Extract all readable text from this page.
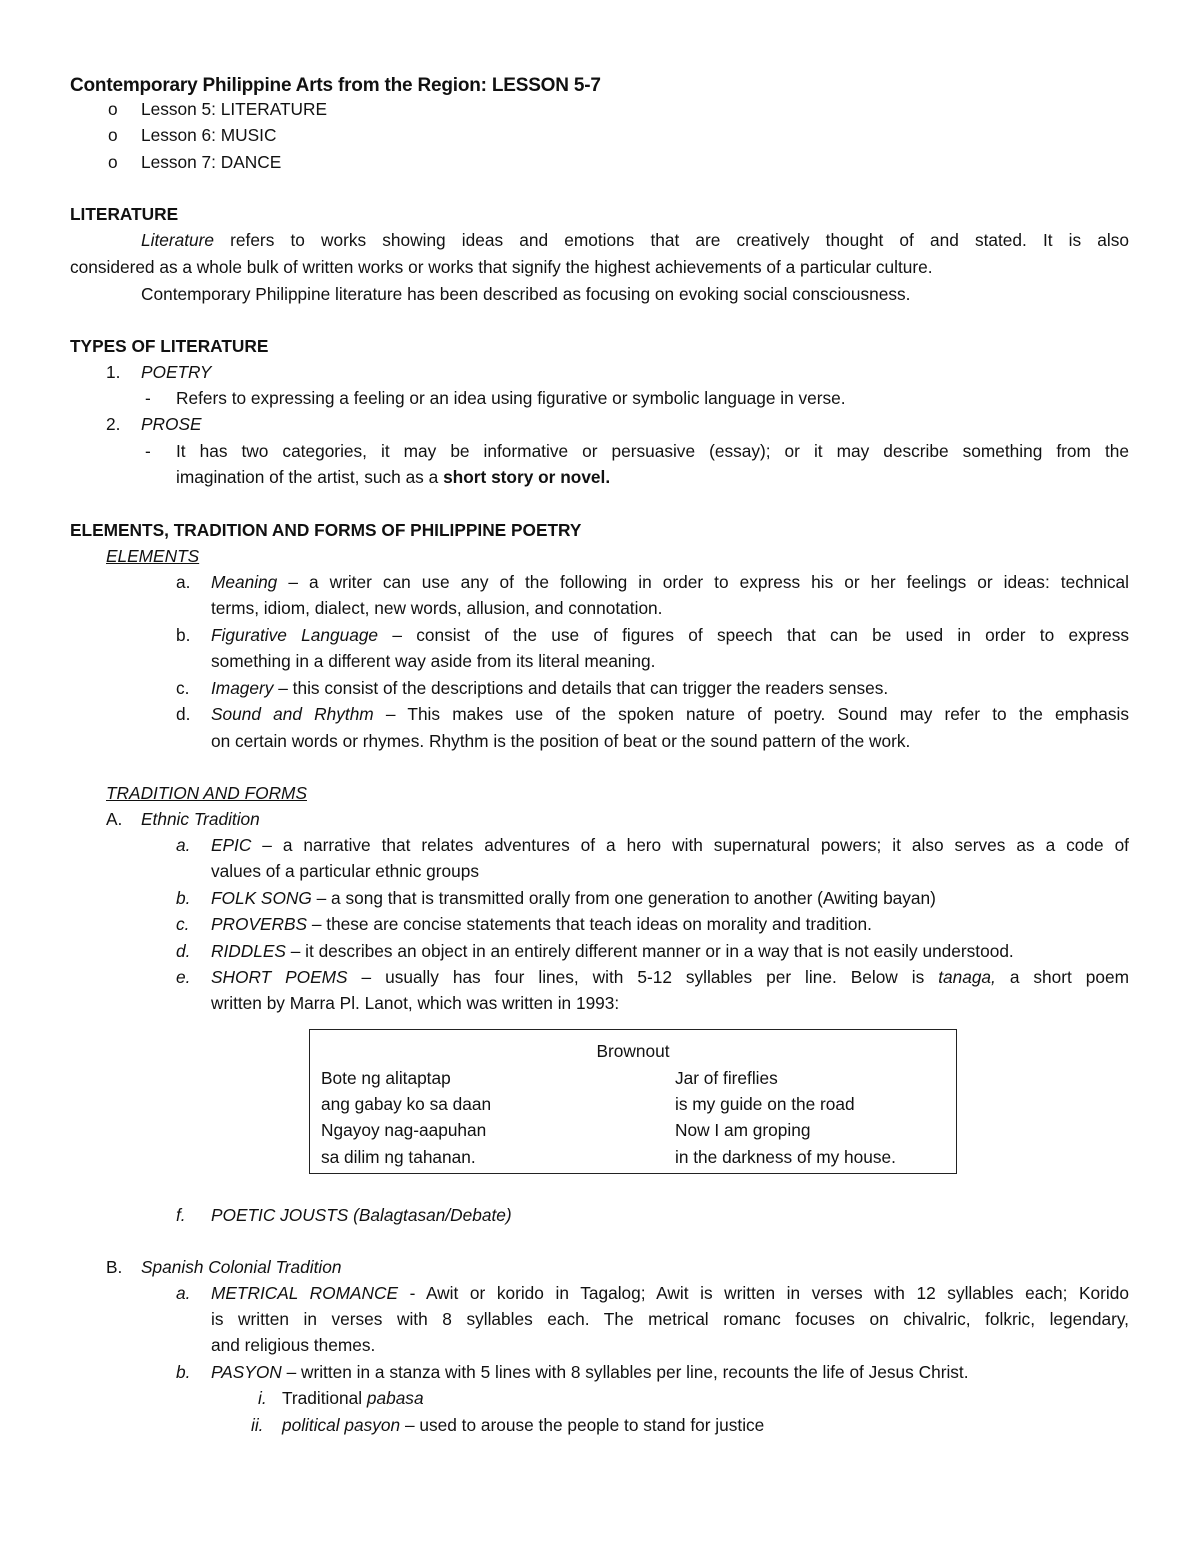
Contemporary Philippine Arts from the Region: LESSON 5-7
o Lesson 5: LITERATURE
o Lesson 6: MUSIC
o Lesson 7: DANCE
LITERATURE
Literature refers to works showing ideas and emotions that are creatively thought of and stated. It is also
considered as a whole bulk of written works or works that signify the highest achievements of a particular culture.
Contemporary Philippine literature has been described as focusing on evoking social consciousness.
TYPES OF LITERATURE
1. POETRY
- Refers to expressing a feeling or an idea using figurative or symbolic language in verse.
2. PROSE
- It has two categories, it may be informative or persuasive (essay); or it may describe something from the
imagination of the artist, such as a short story or novel.
ELEMENTS, TRADITION AND FORMS OF PHILIPPINE POETRY
ELEMENTS
a. Meaning – a writer can use any of the following in order to express his or her feelings or ideas: technical
terms, idiom, dialect, new words, allusion, and connotation.
b. Figurative Language – consist of the use of figures of speech that can be used in order to express
something in a different way aside from its literal meaning.
c. Imagery – this consist of the descriptions and details that can trigger the readers senses.
d. Sound and Rhythm – This makes use of the spoken nature of poetry. Sound may refer to the emphasis
on certain words or rhymes. Rhythm is the position of beat or the sound pattern of the work.
TRADITION AND FORMS
A. Ethnic Tradition
a. EPIC – a narrative that relates adventures of a hero with supernatural powers; it also serves as a code of
values of a particular ethnic groups
b. FOLK SONG – a song that is transmitted orally from one generation to another (Awiting bayan)
c. PROVERBS – these are concise statements that teach ideas on morality and tradition.
d. RIDDLES – it describes an object in an entirely different manner or in a way that is not easily understood.
e. SHORT POEMS – usually has four lines, with 5-12 syllables per line. Below is tanaga, a short poem
written by Marra Pl. Lanot, which was written in 1993:
Brownout
Bote ng alitaptap
ang gabay ko sa daan
Ngayoy nag-aapuhan
sa dilim ng tahanan.
Jar of fireflies
is my guide on the road
Now I am groping
in the darkness of my house.
f. POETIC JOUSTS (Balagtasan/Debate)
B. Spanish Colonial Tradition
a. METRICAL ROMANCE - Awit or korido in Tagalog; Awit is written in verses with 12 syllables each; Korido
is written in verses with 8 syllables each. The metrical romanc focuses on chivalric, folkric, legendary,
and religious themes.
b. PASYON – written in a stanza with 5 lines with 8 syllables per line, recounts the life of Jesus Christ.
i. Traditional pabasa
ii. political pasyon – used to arouse the people to stand for justice
